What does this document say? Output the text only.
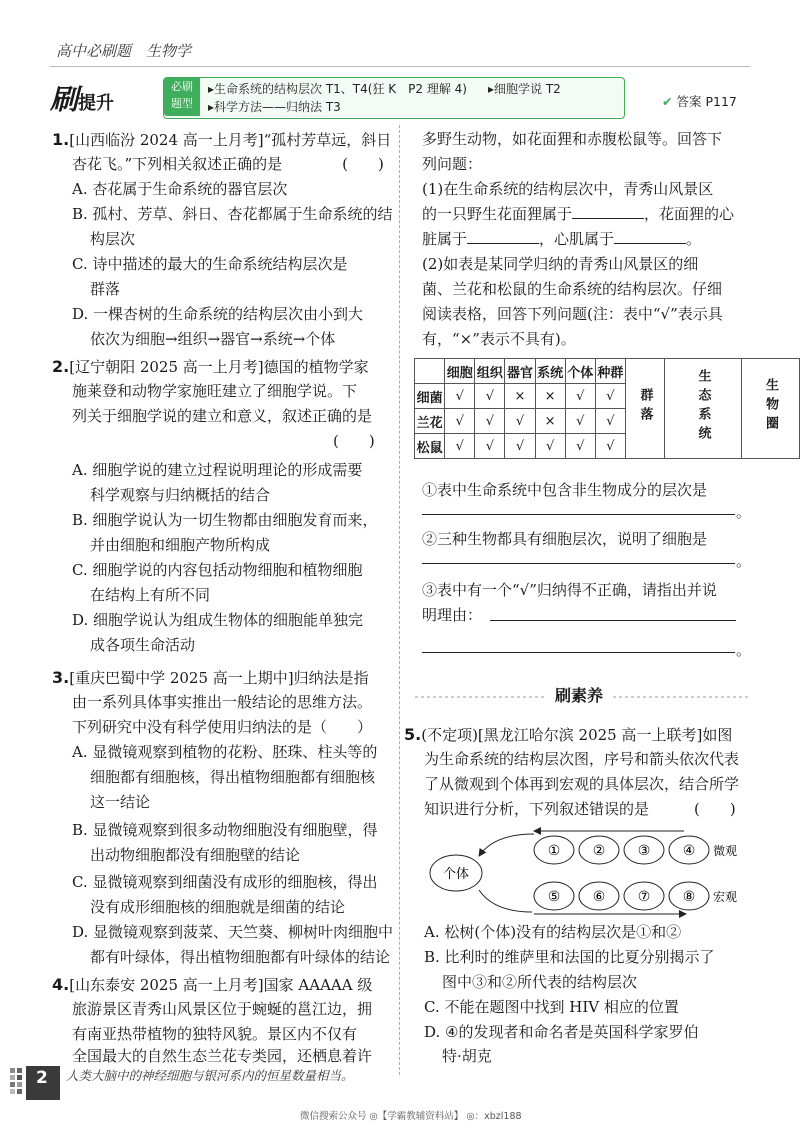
高中必刷题　生物学
刷提升
必刷
题型
▸生命系统的结构层次 T1、T4(狂 K　P2 理解 4) ▸细胞学说 T2
▸科学方法——归纳法 T3	✔ 答案 P117
1.[山西临汾 2024 高一上月考]“孤村芳草远，斜日
杏花飞。”下列相关叙述正确的是　　　　(　　)
A. 杏花属于生命系统的器官层次
B. 孤村、芳草、斜日、杏花都属于生命系统的结
构层次
C. 诗中描述的最大的生命系统结构层次是
群落
D. 一棵杏树的生命系统的结构层次由小到大
依次为细胞→组织→器官→系统→个体
2.[辽宁朝阳 2025 高一上月考]德国的植物学家
施莱登和动物学家施旺建立了细胞学说。下
列关于细胞学说的建立和意义，叙述正确的是
(　　)
A. 细胞学说的建立过程说明理论的形成需要
科学观察与归纳概括的结合
B. 细胞学说认为一切生物都由细胞发育而来，
并由细胞和细胞产物所构成
C. 细胞学说的内容包括动物细胞和植物细胞
在结构上有所不同
D. 细胞学说认为组成生物体的细胞能单独完
成各项生命活动
3.[重庆巴蜀中学 2025 高一上期中]归纳法是指
由一系列具体事实推出一般结论的思维方法。
下列研究中没有科学使用归纳法的是（　　）
A. 显微镜观察到植物的花粉、胚珠、柱头等的
细胞都有细胞核，得出植物细胞都有细胞核
这一结论
B. 显微镜观察到很多动物细胞没有细胞壁，得
出动物细胞都没有细胞壁的结论
C. 显微镜观察到细菌没有成形的细胞核，得出
没有成形细胞核的细胞就是细菌的结论
D. 显微镜观察到菠菜、天竺葵、柳树叶肉细胞中
都有叶绿体，得出植物细胞都有叶绿体的结论
4.[山东泰安 2025 高一上月考]国家 AAAAA 级
旅游景区青秀山风景区位于蜿蜒的邕江边，拥
有南亚热带植物的独特风貌。景区内不仅有
全国最大的自然生态兰花专类园，还栖息着许
多野生动物，如花面狸和赤腹松鼠等。回答下
列问题：
(1)在生命系统的结构层次中，青秀山风景区
的一只野生花面狸属于	，花面狸的心
脏属于	，心肌属于	。
(2)如表是某同学归纳的青秀山风景区的细
菌、兰花和松鼠的生命系统的结构层次。仔细
阅读表格，回答下列问题(注：表中“√”表示具
有，“×”表示不具有)。
	细胞	组织	器官	系统	个体	种群	群落	生态系统	生物圈
细菌	√	√	×	×	√	√			
兰花	√	√	√	×	√	√			
松鼠	√	√	√	√	√	√			
①表中生命系统中包含非生物成分的层次是
。
②三种生物都具有细胞层次，说明了细胞是
。
③表中有一个“√”归纳得不正确，请指出并说
明理由：
。
刷素养
5.(不定项)[黑龙江哈尔滨 2025 高一上联考]如图
为生命系统的结构层次图，序号和箭头依次代表
了从微观到个体再到宏观的具体层次，结合所学
知识进行分析，下列叙述错误的是　　　(　　)
个体
① ② ③ ④
⑤ ⑥ ⑦ ⑧
微观
宏观
A. 松树(个体)没有的结构层次是①和②
B. 比利时的维萨里和法国的比夏分别揭示了
图中③和②所代表的结构层次
C. 不能在题图中找到 HIV 相应的位置
D. ④的发现者和命名者是英国科学家罗伯
特·胡克
2 人类大脑中的神经细胞与银河系内的恒星数量相当。
微信搜索公众号 ◎【学霸教辅资料站】 ◎：xbzl188
